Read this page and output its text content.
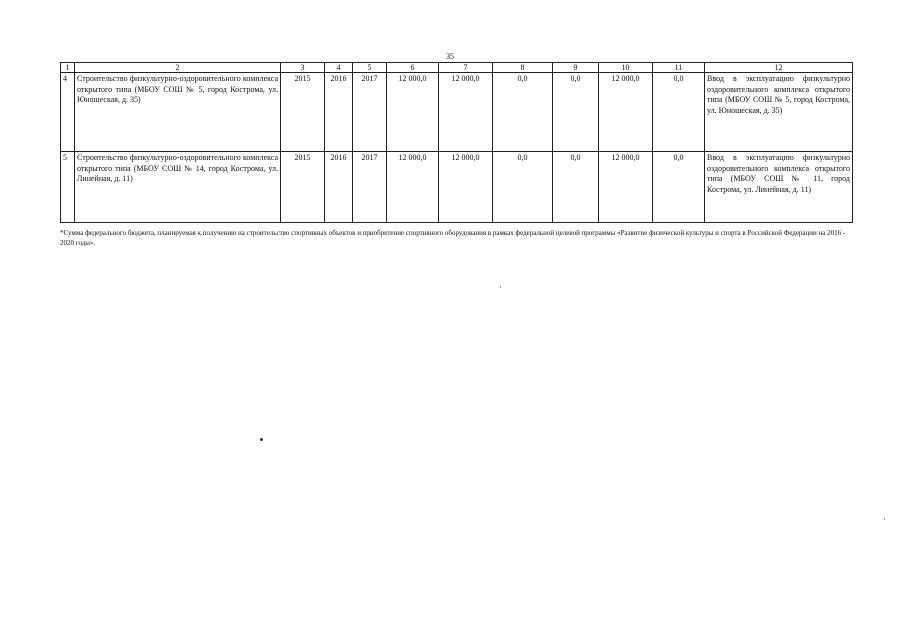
35
1	2	3	4	5	6	7	8	9	10	11	12
4	Строительство физкультурно-оздоровительного комплекса открытого типа (МБОУ СОШ № 5, город Кострома, ул. Юношеская, д. 35)	2015	2016	2017	12 000,0	12 000,0	0,0	0,0	12 000,0	0,0	Ввод в эксплуатацию физкультурно оздоровительного комплекса открытого типа (МБОУ СОШ № 5, город Кострома, ул. Юношеская, д. 35)
5	Строительство физкультурно-оздоровительного комплекса открытого типа (МБОУ СОШ № 14, город Кострома, ул. Линейная, д. 11)	2015	2016	2017	12 000,0	12 000,0	0,0	0,0	12 000,0	0,0	Ввод в эксплуатацию физкультурно оздоровительного комплекса открытого типа (МБОУ СОШ № 11, город Кострома, ул. Линейная, д. 11)
*Сумма федерального бюджета, планируемая к получению на строительство спортивных объектов и приобретение спортивного оборудования в рамках федеральной целевой программы «Развитие физической культуры и спорта в Российской Федерации на 2016 - 2020 годы».
